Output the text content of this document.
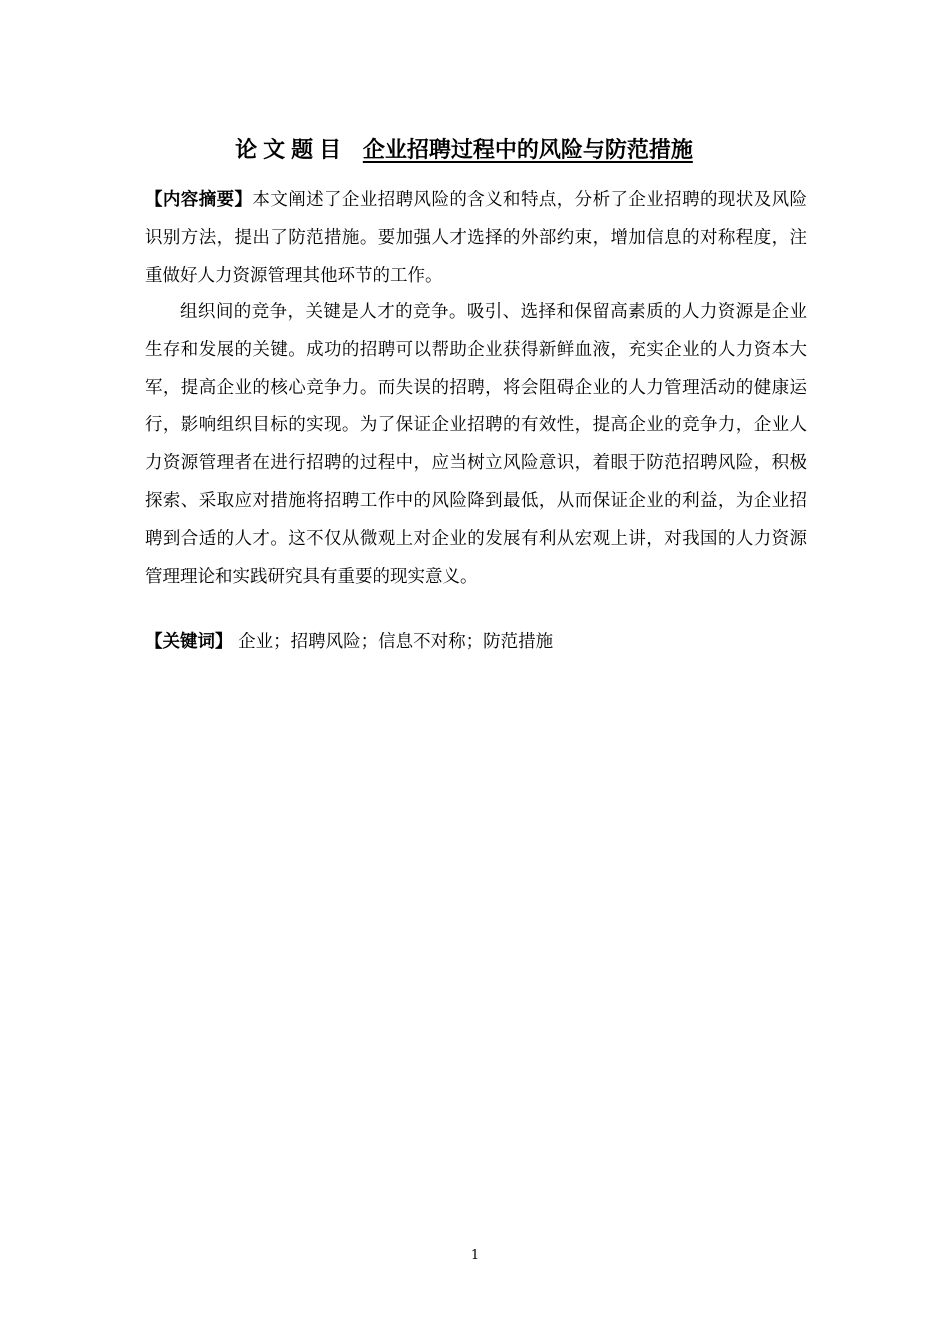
论文题目 企业招聘过程中的风险与防范措施

【内容摘要】本文阐述了企业招聘风险的含义和特点，分析了企业招聘的现状及风险识别方法，提出了防范措施。要加强人才选择的外部约束，增加信息的对称程度，注重做好人力资源管理其他环节的工作。

组织间的竞争，关键是人才的竞争。吸引、选择和保留高素质的人力资源是企业生存和发展的关键。成功的招聘可以帮助企业获得新鲜血液，充实企业的人力资本大军，提高企业的核心竞争力。而失误的招聘，将会阻碍企业的人力管理活动的健康运行，影响组织目标的实现。为了保证企业招聘的有效性，提高企业的竞争力，企业人力资源管理者在进行招聘的过程中，应当树立风险意识，着眼于防范招聘风险，积极探索、采取应对措施将招聘工作中的风险降到最低，从而保证企业的利益，为企业招聘到合适的人才。这不仅从微观上对企业的发展有利从宏观上讲，对我国的人力资源管理理论和实践研究具有重要的现实意义。

【关键词】 企业；招聘风险；信息不对称；防范措施

1
